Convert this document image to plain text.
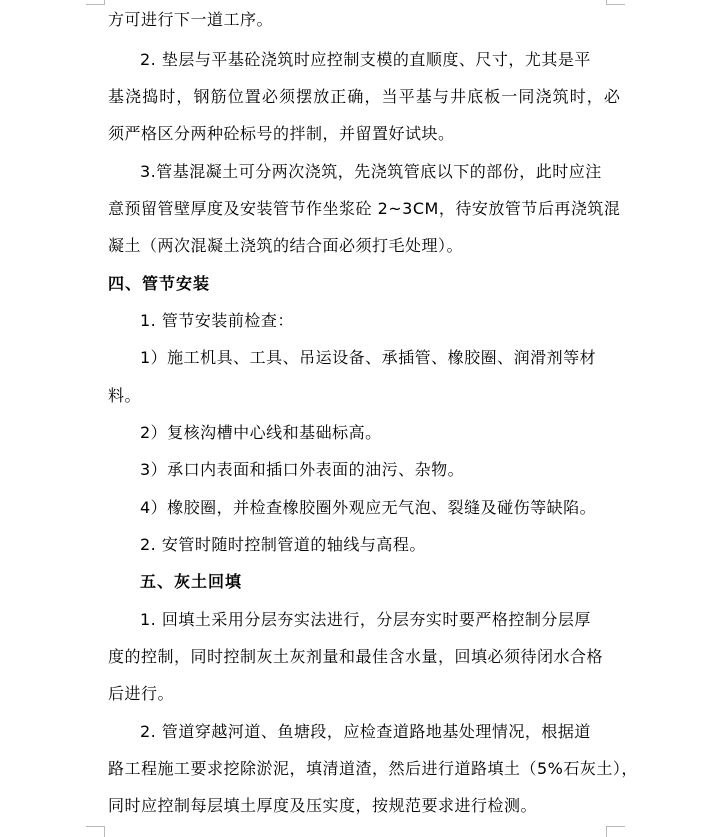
方可进行下一道工序。
2. 垫层与平基砼浇筑时应控制支模的直顺度、尺寸，尤其是平
基浇捣时，钢筋位置必须摆放正确，当平基与井底板一同浇筑时，必
须严格区分两种砼标号的拌制，并留置好试块。
3.管基混凝土可分两次浇筑，先浇筑管底以下的部份，此时应注
意预留管壁厚度及安装管节作坐浆砼 2~3CM，待安放管节后再浇筑混
凝土（两次混凝土浇筑的结合面必须打毛处理）。
四、管节安装
1. 管节安装前检查：
1）施工机具、工具、吊运设备、承插管、橡胶圈、润滑剂等材
料。
2）复核沟槽中心线和基础标高。
3）承口内表面和插口外表面的油污、杂物。
4）橡胶圈，并检查橡胶圈外观应无气泡、裂缝及碰伤等缺陷。
2. 安管时随时控制管道的轴线与高程。
五、灰土回填
1. 回填土采用分层夯实法进行，分层夯实时要严格控制分层厚
度的控制，同时控制灰土灰剂量和最佳含水量，回填必须待闭水合格
后进行。
2. 管道穿越河道、鱼塘段，应检查道路地基处理情况，根据道
路工程施工要求挖除淤泥，填清道渣，然后进行道路填土（5%石灰土），
同时应控制每层填土厚度及压实度，按规范要求进行检测。
